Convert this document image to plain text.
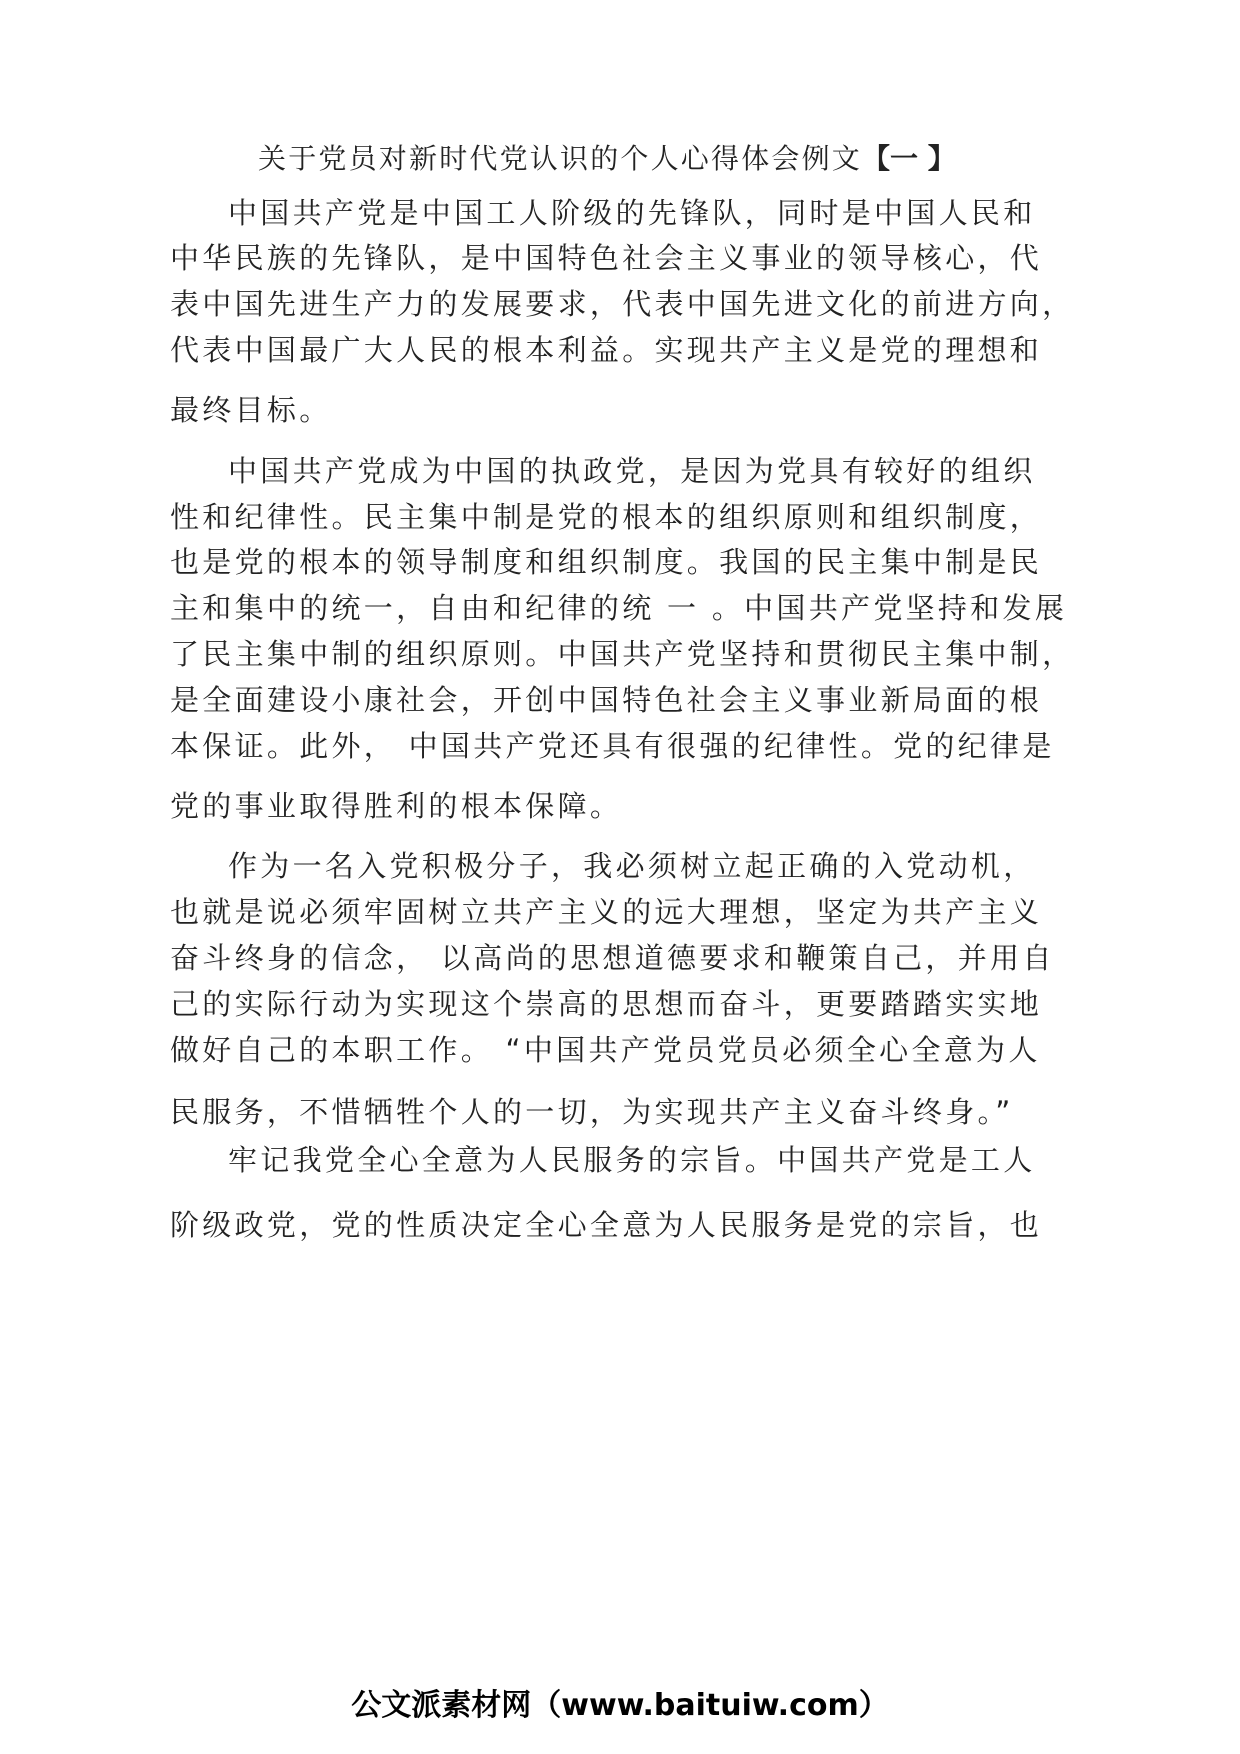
关于党员对新时代党认识的个人心得体会例文【一 】

中国共产党是中国工人阶级的先锋队，同时是中国人民和

中华民族的先锋队，是中国特色社会主义事业的领导核心，代

表中国先进生产力的发展要求，代表中国先进文化的前进方向，

代表中国最广大人民的根本利益。实现共产主义是党的理想和

最终目标。

中国共产党成为中国的执政党，是因为党具有较好的组织

性和纪律性。民主集中制是党的根本的组织原则和组织制度，

也是党的根本的领导制度和组织制度。我国的民主集中制是民

主和集中的统一，自由和纪律的统 一 。中国共产党坚持和发展

了民主集中制的组织原则。中国共产党坚持和贯彻民主集中制，

是全面建设小康社会，开创中国特色社会主义事业新局面的根

本保证。此外， 中国共产党还具有很强的纪律性。党的纪律是

党的事业取得胜利的根本保障。

作为一名入党积极分子，我必须树立起正确的入党动机，

也就是说必须牢固树立共产主义的远大理想，坚定为共产主义

奋斗终身的信念， 以高尚的思想道德要求和鞭策自己，并用自

己的实际行动为实现这个崇高的思想而奋斗，更要踏踏实实地

做好自己的本职工作。 “中国共产党员党员必须全心全意为人

民服务，不惜牺牲个人的一切，为实现共产主义奋斗终身。”

牢记我党全心全意为人民服务的宗旨。中国共产党是工人

阶级政党，党的性质决定全心全意为人民服务是党的宗旨，也

公文派素材网（www.baituiw.com）
